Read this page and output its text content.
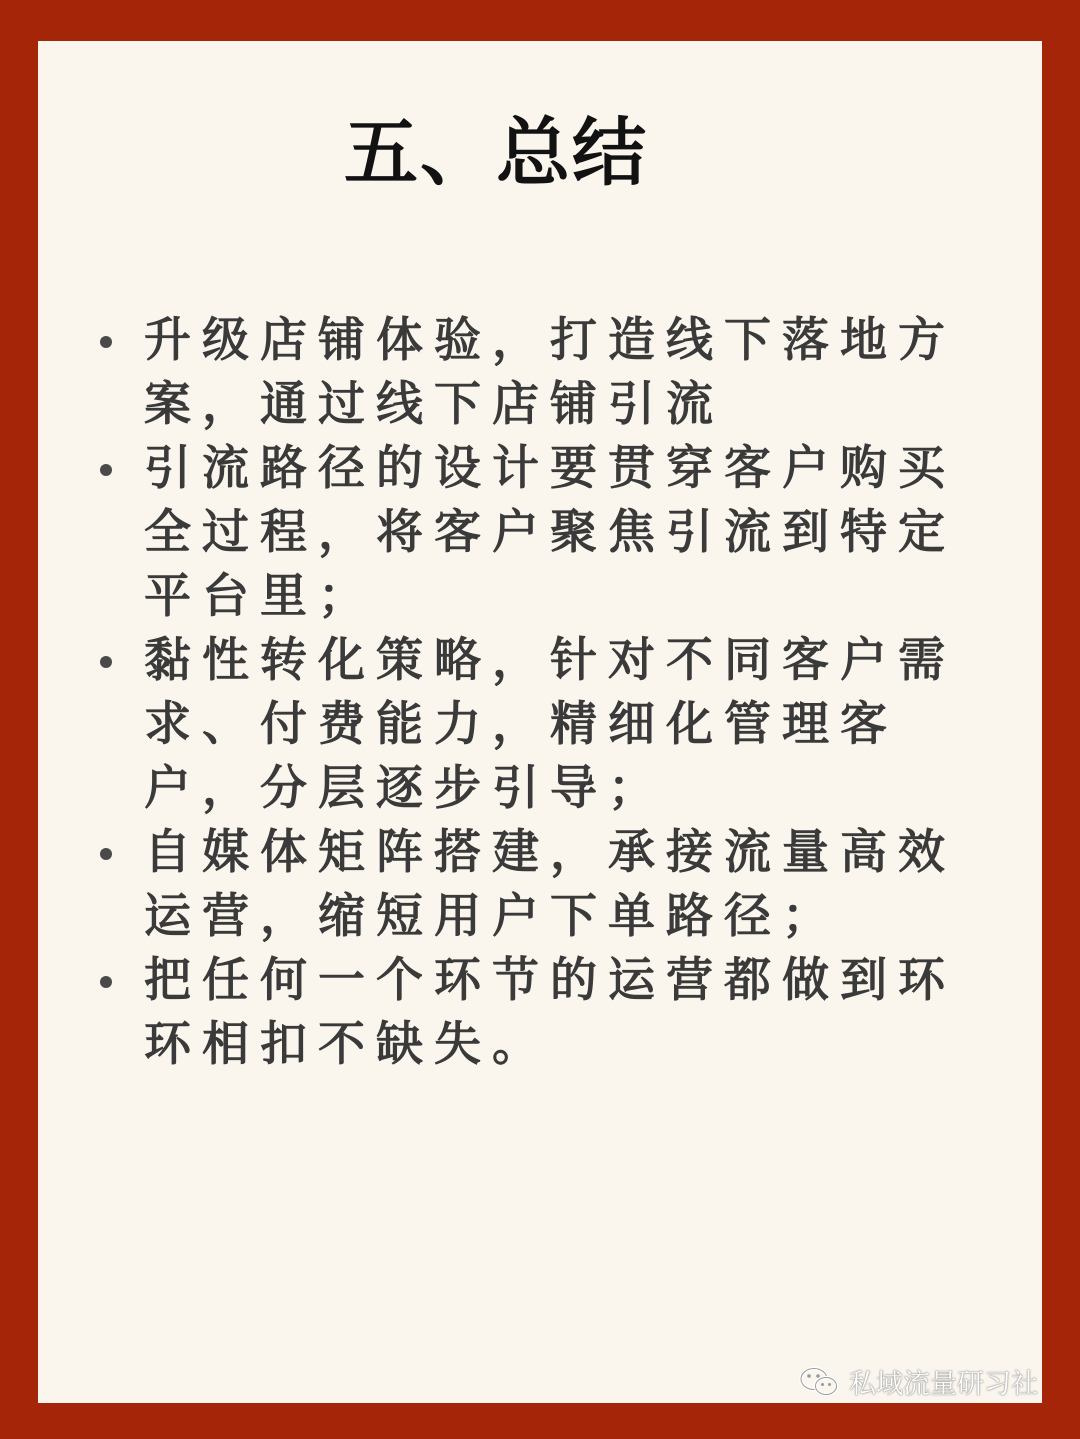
五、总结
升级店铺体验，打造线下落地方案，通过线下店铺引流
引流路径的设计要贯穿客户购买全过程，将客户聚焦引流到特定平台里；
黏性转化策略，针对不同客户需求、付费能力，精细化管理客户，分层逐步引导；
自媒体矩阵搭建，承接流量高效运营，缩短用户下单路径；
把任何一个环节的运营都做到环环相扣不缺失。
私域流量研习社
